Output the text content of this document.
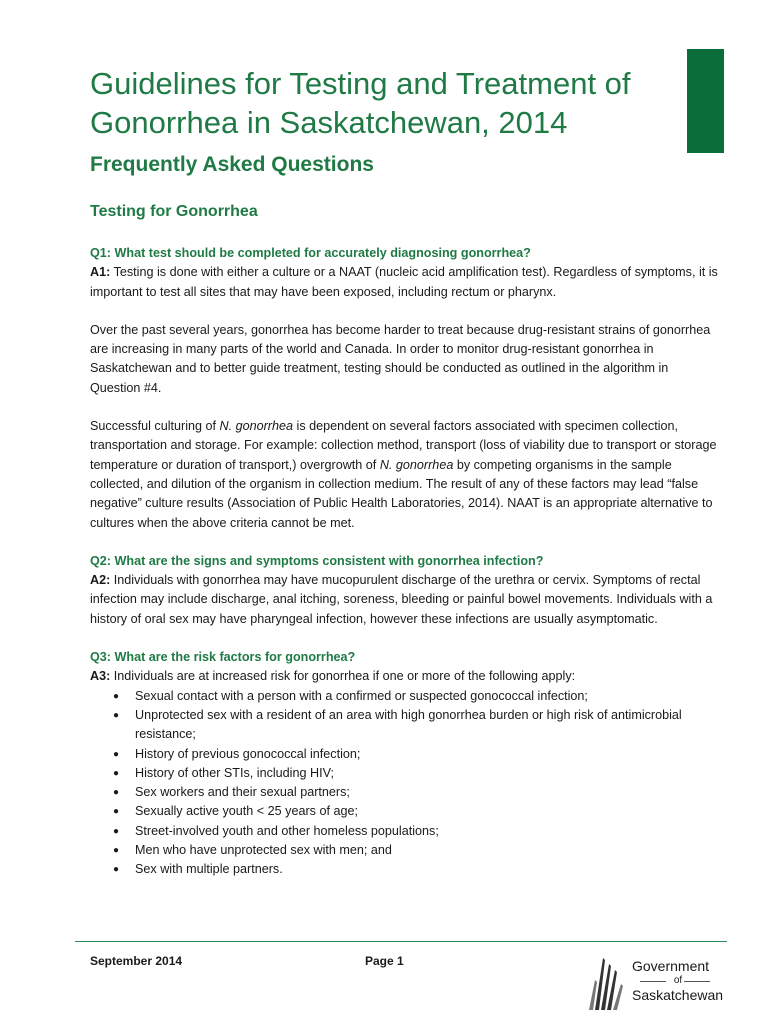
Guidelines for Testing and Treatment of Gonorrhea in Saskatchewan, 2014
Frequently Asked Questions
Testing for Gonorrhea

Q1: What test should be completed for accurately diagnosing gonorrhea?

A1: Testing is done with either a culture or a NAAT (nucleic acid amplification test). Regardless of symptoms, it is important to test all sites that may have been exposed, including rectum or pharynx.

Over the past several years, gonorrhea has become harder to treat because drug-resistant strains of gonorrhea are increasing in many parts of the world and Canada. In order to monitor drug-resistant gonorrhea in Saskatchewan and to better guide treatment, testing should be conducted as outlined in the algorithm in Question #4.

Successful culturing of N. gonorrhea is dependent on several factors associated with specimen collection, transportation and storage. For example: collection method, transport (loss of viability due to transport or storage temperature or duration of transport,) overgrowth of N. gonorrhea by competing organisms in the sample collected, and dilution of the organism in collection medium. The result of any of these factors may lead “false negative” culture results (Association of Public Health Laboratories, 2014). NAAT is an appropriate alternative to cultures when the above criteria cannot be met.

Q2: What are the signs and symptoms consistent with gonorrhea infection?

A2: Individuals with gonorrhea may have mucopurulent discharge of the urethra or cervix. Symptoms of rectal infection may include discharge, anal itching, soreness, bleeding or painful bowel movements. Individuals with a history of oral sex may have pharyngeal infection, however these infections are usually asymptomatic.

Q3: What are the risk factors for gonorrhea?

A3: Individuals are at increased risk for gonorrhea if one or more of the following apply:

● Sexual contact with a person with a confirmed or suspected gonococcal infection;
● Unprotected sex with a resident of an area with high gonorrhea burden or high risk of antimicrobial resistance;
● History of previous gonococcal infection;
● History of other STIs, including HIV;
● Sex workers and their sexual partners;
● Sexually active youth < 25 years of age;
● Street-involved youth and other homeless populations;
● Men who have unprotected sex with men; and
● Sex with multiple partners.
September 2014	Page 1	Government
of
Saskatchewan
